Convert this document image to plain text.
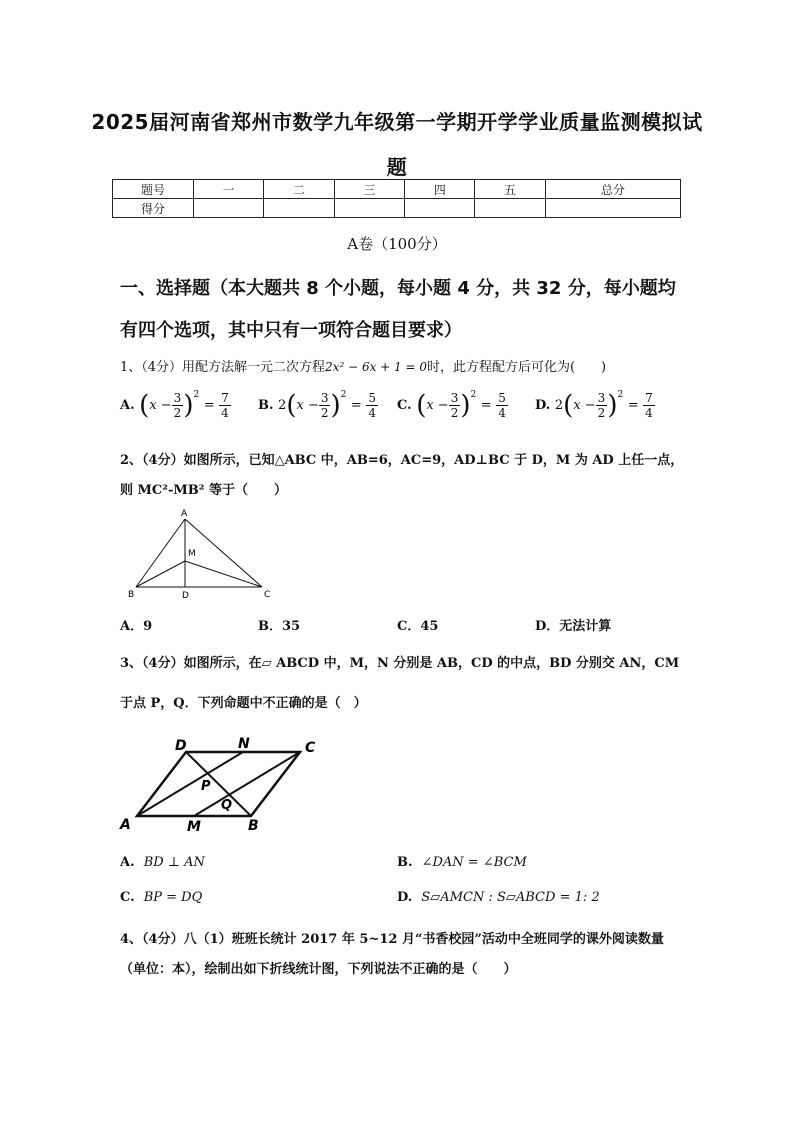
2025届河南省郑州市数学九年级第一学期开学学业质量监测模拟试
题
题号	一	二	三	四	五	总分
得分						
A卷（100分）
一、选择题（本大题共 8 个小题，每小题 4 分，共 32 分，每小题均
有四个选项，其中只有一项符合题目要求）
1、（4分）用配方法解一元二次方程2x² − 6x + 1 = 0时，此方程配方后可化为(　　)
A. $(x - \frac{3}{2} )^2 = \frac{7}{4} B$. $2(x - \frac{3}{2} )^2 = \frac{5}{4} C$. $(x - \frac{3}{2} )^2 = \frac{5}{4} D$. $2(x - \frac{3}{2} )^2 = \frac{7}{4}$
2、（4分）如图所示，已知△ABC 中，AB=6，AC=9，AD⊥BC 于 D，M 为 AD 上任一点，
则 MC²-MB² 等于（　　）
A
M
B	D	C
A．9	B．35	C．45	D．无法计算
3、（4分）如图所示，在▱ ABCD 中，M，N 分别是 AB，CD 的中点，BD 分别交 AN，CM
于点 P，Q．下列命题中不正确的是（　）
D	N	C
P
Q
A	M	B
A. BD ⊥ AN	B. ∠DAN = ∠BCM
C. BP = DQ	D. S▱AMCN : S▱ABCD = 1: 2
4、（4分）八（1）班班长统计 2017 年 5~12 月“书香校园”活动中全班同学的课外阅读数量
（单位：本），绘制出如下折线统计图，下列说法不正确的是（　　）
